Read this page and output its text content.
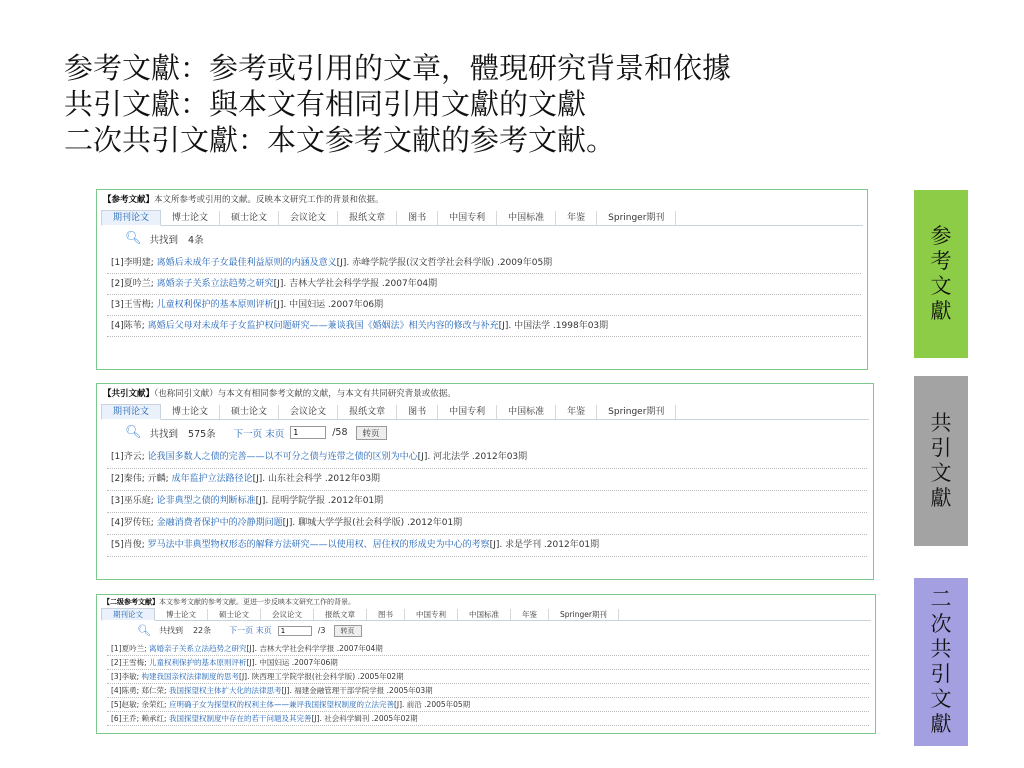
参考文獻：参考或引用的文章，體現研究背景和依據
共引文獻：與本文有相同引用文獻的文獻
二次共引文獻：本文参考文献的参考文献。
【参考文献】本文所参考或引用的文献。反映本文研究工作的背景和依据。
期刊论文	博士论文	硕士论文	会议论文	报纸文章	图书	中国专利	中国标准	年鉴	Springer期刊
🔍︎ 共找到 4条
[1]李明建; 离婚后未成年子女最佳利益原则的内涵及意义[J]. 赤峰学院学报(汉文哲学社会科学版) .2009年05期
[2]夏吟兰; 离婚亲子关系立法趋势之研究[J]. 吉林大学社会科学学报 .2007年04期
[3]王雪梅; 儿童权利保护的基本原则评析[J]. 中国妇运 .2007年06期
[4]陈苇; 离婚后父母对未成年子女监护权问题研究——兼谈我国《婚姻法》相关内容的修改与补充[J]. 中国法学 .1998年03期
【共引文献】（也称同引文献）与本文有相同参考文献的文献，与本文有共同研究背景或依据。
期刊论文	博士论文	硕士论文	会议论文	报纸文章	图书	中国专利	中国标准	年鉴	Springer期刊
🔍︎ 共找到 575条 下一页 末页
1	/58	转页
[1]齐云; 论我国多数人之债的完善——以不可分之债与连带之债的区别为中心[J]. 河北法学 .2012年03期
[2]秦伟; 亓麟; 成年监护立法路径论[J]. 山东社会科学 .2012年03期
[3]巫乐庭; 论非典型之债的判断标准[J]. 昆明学院学报 .2012年01期
[4]罗传钰; 金融消费者保护中的冷静期问题[J]. 聊城大学学报(社会科学版) .2012年01期
[5]肖俊; 罗马法中非典型物权形态的解释方法研究——以使用权、居住权的形成史为中心的考察[J]. 求是学刊 .2012年01期
【二级参考文献】本文参考文献的参考文献。更进一步反映本文研究工作的背景。
期刊论文	博士论文	硕士论文	会议论文	报纸文章	图书	中国专利	中国标准	年鉴	Springer期刊
🔍︎ 共找到 22条 下一页 末页
1	/3	转页
[1]夏吟兰; 离婚亲子关系立法趋势之研究[J]. 吉林大学社会科学学报 .2007年04期
[2]王雪梅; 儿童权利保护的基本原则评析[J]. 中国妇运 .2007年06期
[3]李敏; 构建我国亲权法律制度的思考[J]. 陕西理工学院学报(社会科学版) .2005年02期
[4]陈勇; 郑仁荣; 我国探望权主体扩大化的法律思考[J]. 福建金融管理干部学院学报 .2005年03期
[5]赵敏; 余荣红; 应明确子女为探望权的权利主体——兼评我国探望权制度的立法完善[J]. 前沿 .2005年05期
[6]王乔; 赖承红; 我国探望权制度中存在的若干问题及其完善[J]. 社会科学辑刊 .2005年02期
参
考
文
獻
共
引
文
獻
二
次
共
引
文
獻
